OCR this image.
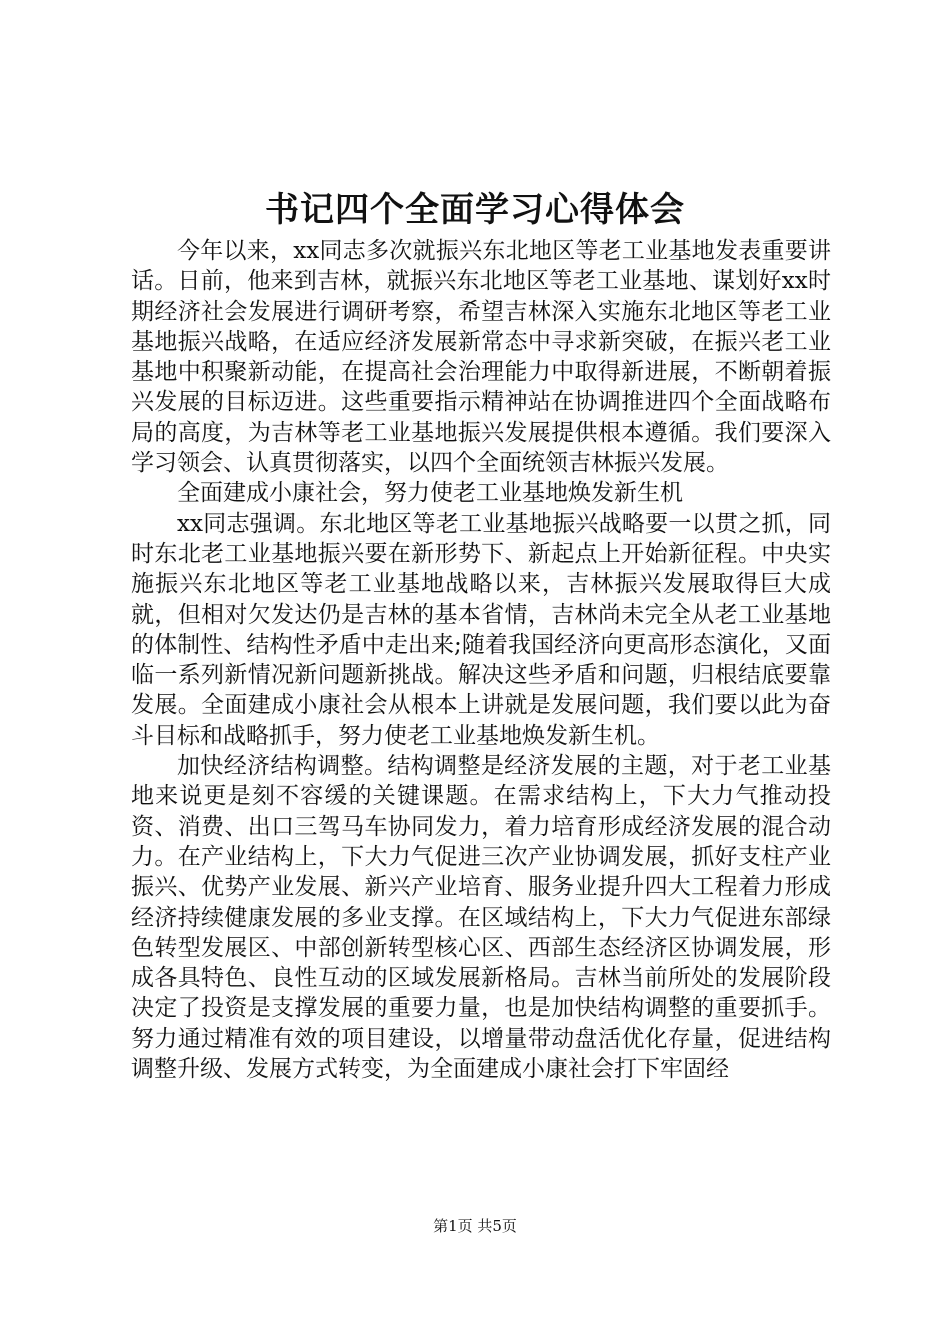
书记四个全面学习心得体会

今年以来，xx同志多次就振兴东北地区等老工业基地发表重要讲话。日前，他来到吉林，就振兴东北地区等老工业基地、谋划好xx时期经济社会发展进行调研考察，希望吉林深入实施东北地区等老工业基地振兴战略，在适应经济发展新常态中寻求新突破，在振兴老工业基地中积聚新动能，在提高社会治理能力中取得新进展，不断朝着振兴发展的目标迈进。这些重要指示精神站在协调推进四个全面战略布局的高度，为吉林等老工业基地振兴发展提供根本遵循。我们要深入学习领会、认真贯彻落实，以四个全面统领吉林振兴发展。

全面建成小康社会，努力使老工业基地焕发新生机

xx同志强调。东北地区等老工业基地振兴战略要一以贯之抓，同时东北老工业基地振兴要在新形势下、新起点上开始新征程。中央实施振兴东北地区等老工业基地战略以来，吉林振兴发展取得巨大成就，但相对欠发达仍是吉林的基本省情，吉林尚未完全从老工业基地的体制性、结构性矛盾中走出来;随着我国经济向更高形态演化，又面临一系列新情况新问题新挑战。解决这些矛盾和问题，归根结底要靠发展。全面建成小康社会从根本上讲就是发展问题，我们要以此为奋斗目标和战略抓手，努力使老工业基地焕发新生机。

加快经济结构调整。结构调整是经济发展的主题，对于老工业基地来说更是刻不容缓的关键课题。在需求结构上，下大力气推动投资、消费、出口三驾马车协同发力，着力培育形成经济发展的混合动力。在产业结构上，下大力气促进三次产业协调发展，抓好支柱产业振兴、优势产业发展、新兴产业培育、服务业提升四大工程着力形成经济持续健康发展的多业支撑。在区域结构上，下大力气促进东部绿色转型发展区、中部创新转型核心区、西部生态经济区协调发展，形成各具特色、良性互动的区域发展新格局。吉林当前所处的发展阶段决定了投资是支撑发展的重要力量，也是加快结构调整的重要抓手。努力通过精准有效的项目建设，以增量带动盘活优化存量，促进结构调整升级、发展方式转变，为全面建成小康社会打下牢固经

第1页 共5页
